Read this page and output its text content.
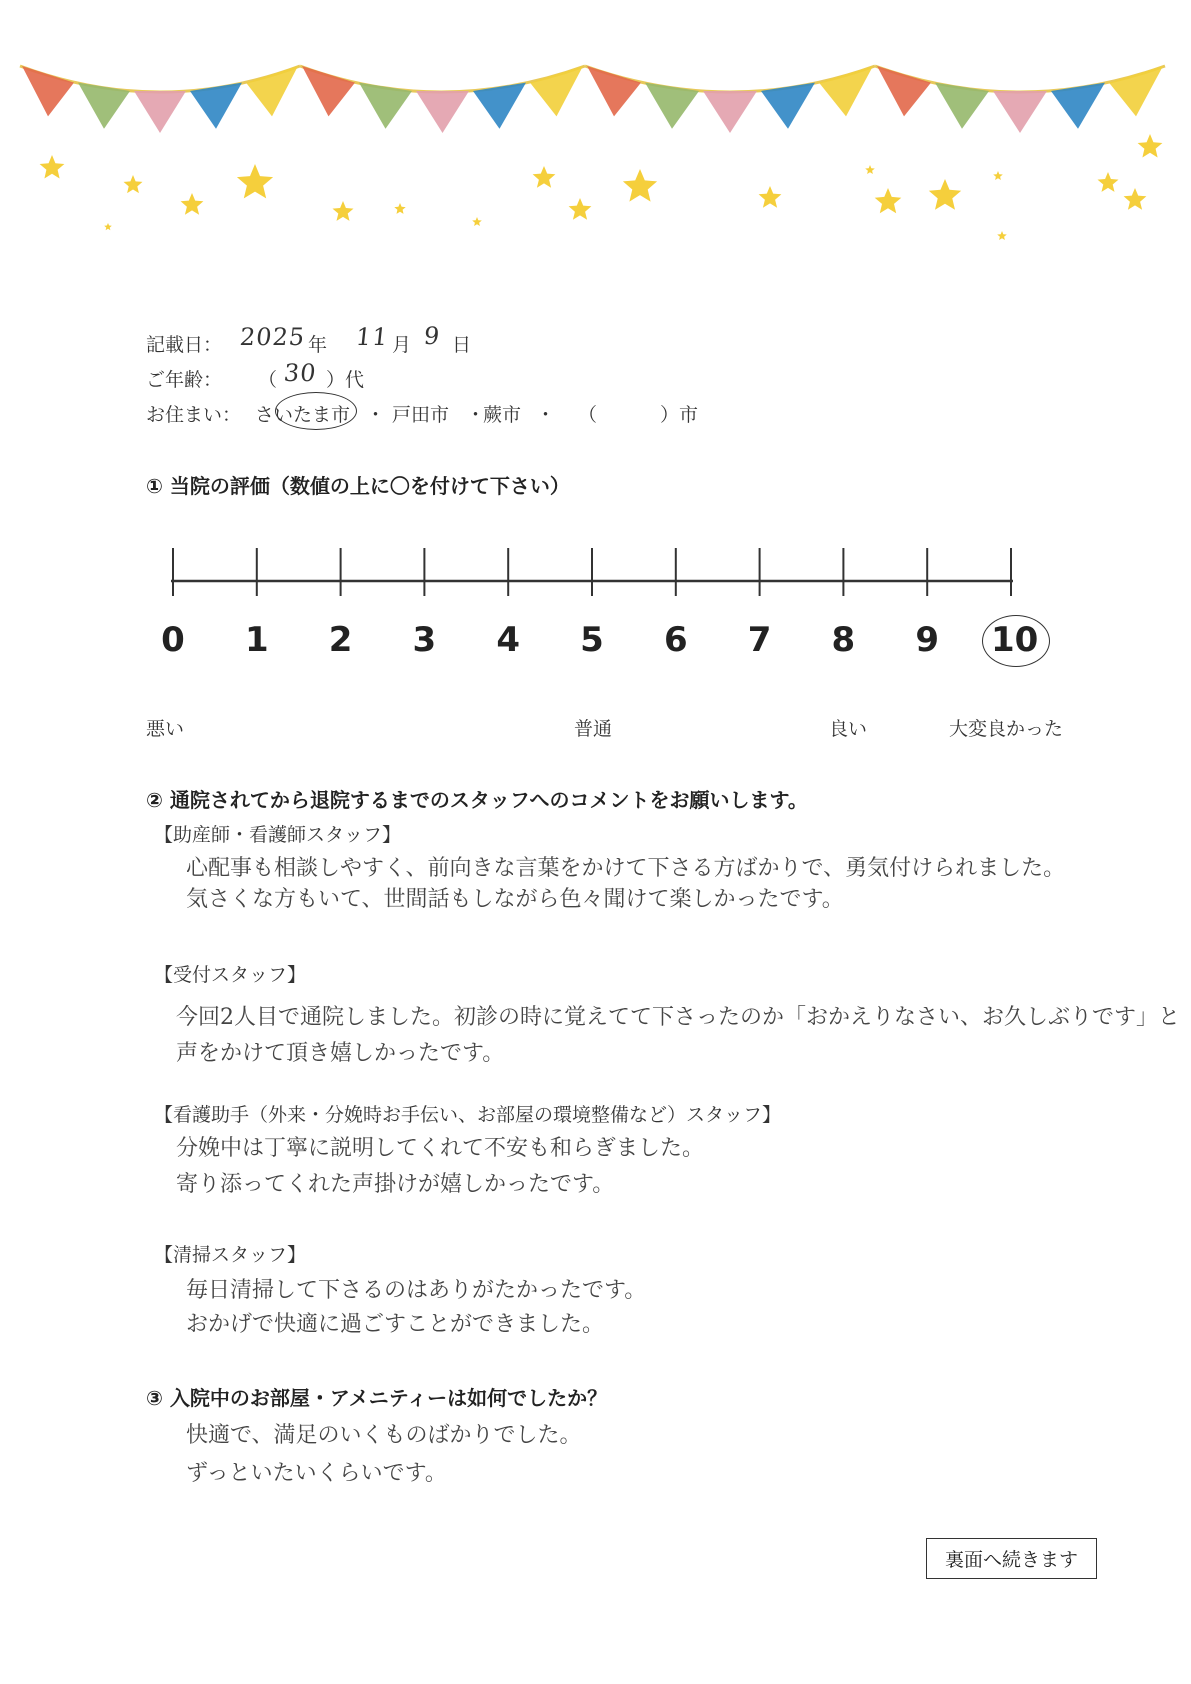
記載日： 2025 年 11 月 9 日
ご年齢： （ 30 ）代
お住まい： さいたま市 ・ 戸田市 ・
蕨市 ・ （	）市
① 当院の評価（数値の上に〇を付けて下さい）
0 1 2 3 4 5 6 7 8 9 10
悪い	普通	良い	大変良かった
② 通院されてから退院するまでのスタッフへのコメントをお願いします。
【助産師・看護師スタッフ】
心配事も相談しやすく、前向きな言葉をかけて下さる方ばかりで、勇気付けられました。
気さくな方もいて、世間話もしながら色々聞けて楽しかったです。
【受付スタッフ】
今回2人目で通院しました。初診の時に覚えてて下さったのか「おかえりなさい、お久しぶりです」と
声をかけて頂き嬉しかったです。
【看護助手（外来・分娩時お手伝い、お部屋の環境整備など）スタッフ】
分娩中は丁寧に説明してくれて不安も和らぎました。
寄り添ってくれた声掛けが嬉しかったです。
【清掃スタッフ】
毎日清掃して下さるのはありがたかったです。
おかげで快適に過ごすことができました。
③ 入院中のお部屋・アメニティーは如何でしたか？
快適で、満足のいくものばかりでした。
ずっといたいくらいです。
裏面へ続きます
